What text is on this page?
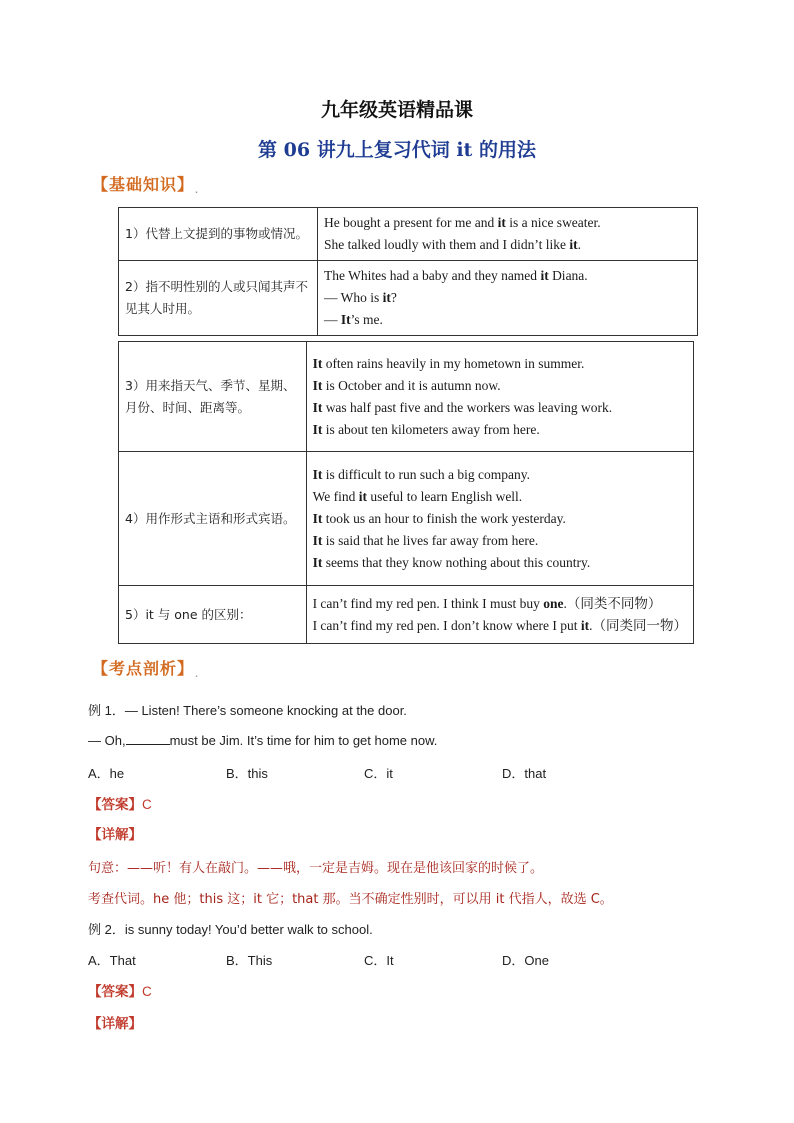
九年级英语精品课
第 06 讲九上复习代词 it 的用法
【基础知识】.
1）代替上文提到的事物或情况。	He bought a present for me and it is a nice sweater.
She talked loudly with them and I didn’t like it.

2）指不明性别的人或只闻其声不见其人时用。	The Whites had a baby and they named it Diana.
— Who is it?
— It’s me.
3）用来指天气、季节、星期、月份、时间、距离等。	It often rains heavily in my hometown in summer.
It is October and it is autumn now.
It was half past five and the workers was leaving work.
It is about ten kilometers away from here.

4）用作形式主语和形式宾语。	It is difficult to run such a big company.
We find it useful to learn English well.
It took us an hour to finish the work yesterday.
It is said that he lives far away from here.
It seems that they know nothing about this country.

5）it 与 one 的区别：	I can’t find my red pen. I think I must buy one.（同类不同物）
I can’t find my red pen. I don’t know where I put it.（同类同一物）
【考点剖析】.
例 1．— Listen! There’s someone knocking at the door.
— Oh,	must be Jim. It’s time for him to get home now.
A．he	B．this	C．it	D．that
【答案】C
【详解】
句意：——听！有人在敲门。——哦，一定是吉姆。现在是他该回家的时候了。
考查代词。he 他；this 这；it 它；that 那。当不确定性别时，可以用 it 代指人，故选 C。
例 2．is sunny today! You’d better walk to school.
A．That	B．This	C．It	D．One
【答案】C
【详解】
